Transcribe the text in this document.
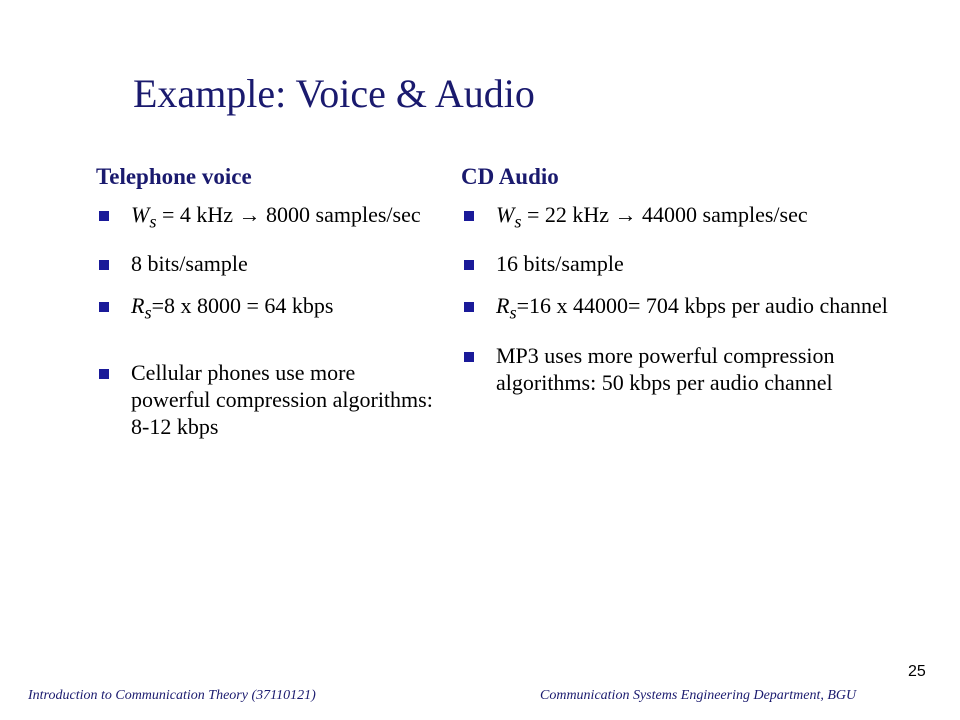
Example: Voice & Audio
Telephone voice
$W_s = 4$ kHz → 8000 samples/sec
8 bits/sample
$R_s=8$ x 8000 = 64 kbps
Cellular phones use more powerful compression algorithms: 8-12 kbps
CD Audio
$W_s = 22$ kHz → 44000 samples/sec
16 bits/sample
$R_s=16$ x 44000= 704 kbps per audio channel
MP3 uses more powerful compression algorithms: 50 kbps per audio channel
25
Introduction to Communication Theory (37110121)	Communication Systems Engineering Department, BGU
